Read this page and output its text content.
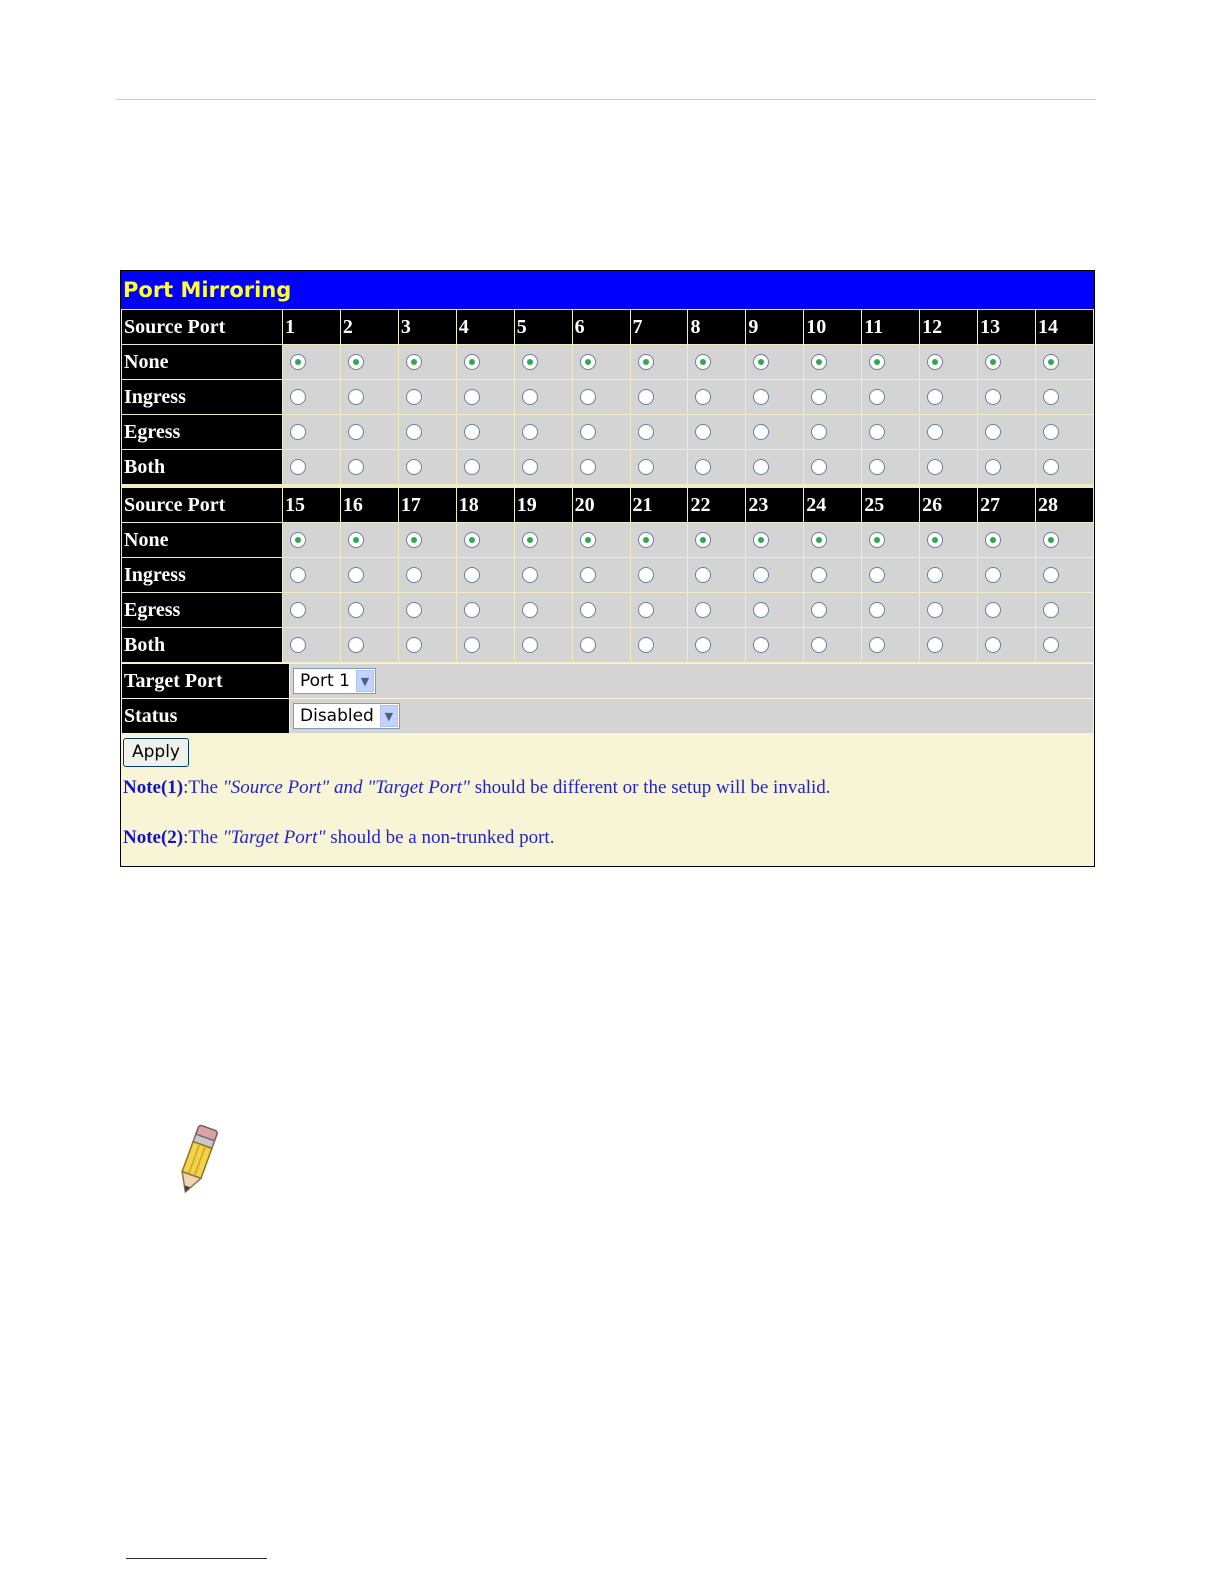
Port Mirroring
Source Port	1	2	3	4	5	6	7	8	9	10	11	12	13	14
None														
Ingress														
Egress														
Both														

Source Port	15	16	17	18	19	20	21	22	23	24	25	26	27	28
None														
Ingress														
Egress														
Both														
Target Port	Port 1 ▼

Status	Disabled ▼
Apply
Note(1):The "Source Port" and "Target Port" should be different or the setup will be invalid.
Note(2):The "Target Port" should be a non-trunked port.
